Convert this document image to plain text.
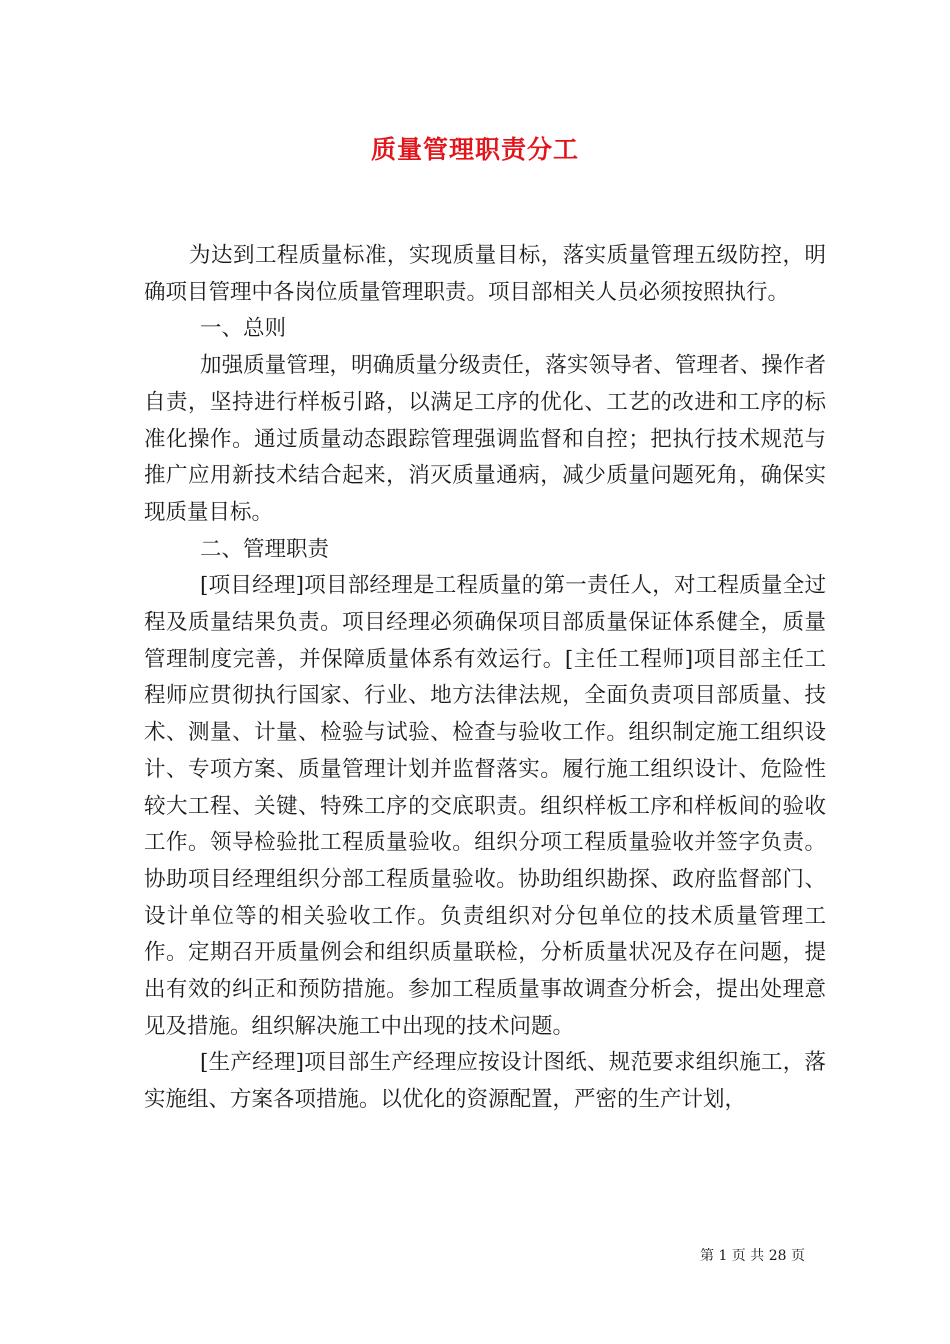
质量管理职责分工

为达到工程质量标准，实现质量目标，落实质量管理五级防控，明确项目管理中各岗位质量管理职责。项目部相关人员必须按照执行。

一、总则

加强质量管理，明确质量分级责任，落实领导者、管理者、操作者自责，坚持进行样板引路，以满足工序的优化、工艺的改进和工序的标准化操作。通过质量动态跟踪管理强调监督和自控；把执行技术规范与推广应用新技术结合起来，消灭质量通病，减少质量问题死角，确保实现质量目标。

二、管理职责

[项目经理]项目部经理是工程质量的第一责任人，对工程质量全过程及质量结果负责。项目经理必须确保项目部质量保证体系健全，质量管理制度完善，并保障质量体系有效运行。[主任工程师]项目部主任工程师应贯彻执行国家、行业、地方法律法规，全面负责项目部质量、技术、测量、计量、检验与试验、检查与验收工作。组织制定施工组织设计、专项方案、质量管理计划并监督落实。履行施工组织设计、危险性较大工程、关键、特殊工序的交底职责。组织样板工序和样板间的验收工作。领导检验批工程质量验收。组织分项工程质量验收并签字负责。协助项目经理组织分部工程质量验收。协助组织勘探、政府监督部门、设计单位等的相关验收工作。负责组织对分包单位的技术质量管理工作。定期召开质量例会和组织质量联检，分析质量状况及存在问题，提出有效的纠正和预防措施。参加工程质量事故调查分析会，提出处理意见及措施。组织解决施工中出现的技术问题。

[生产经理]项目部生产经理应按设计图纸、规范要求组织施工，落实施组、方案各项措施。以优化的资源配置，严密的生产计划，

第 1 页 共 28 页
